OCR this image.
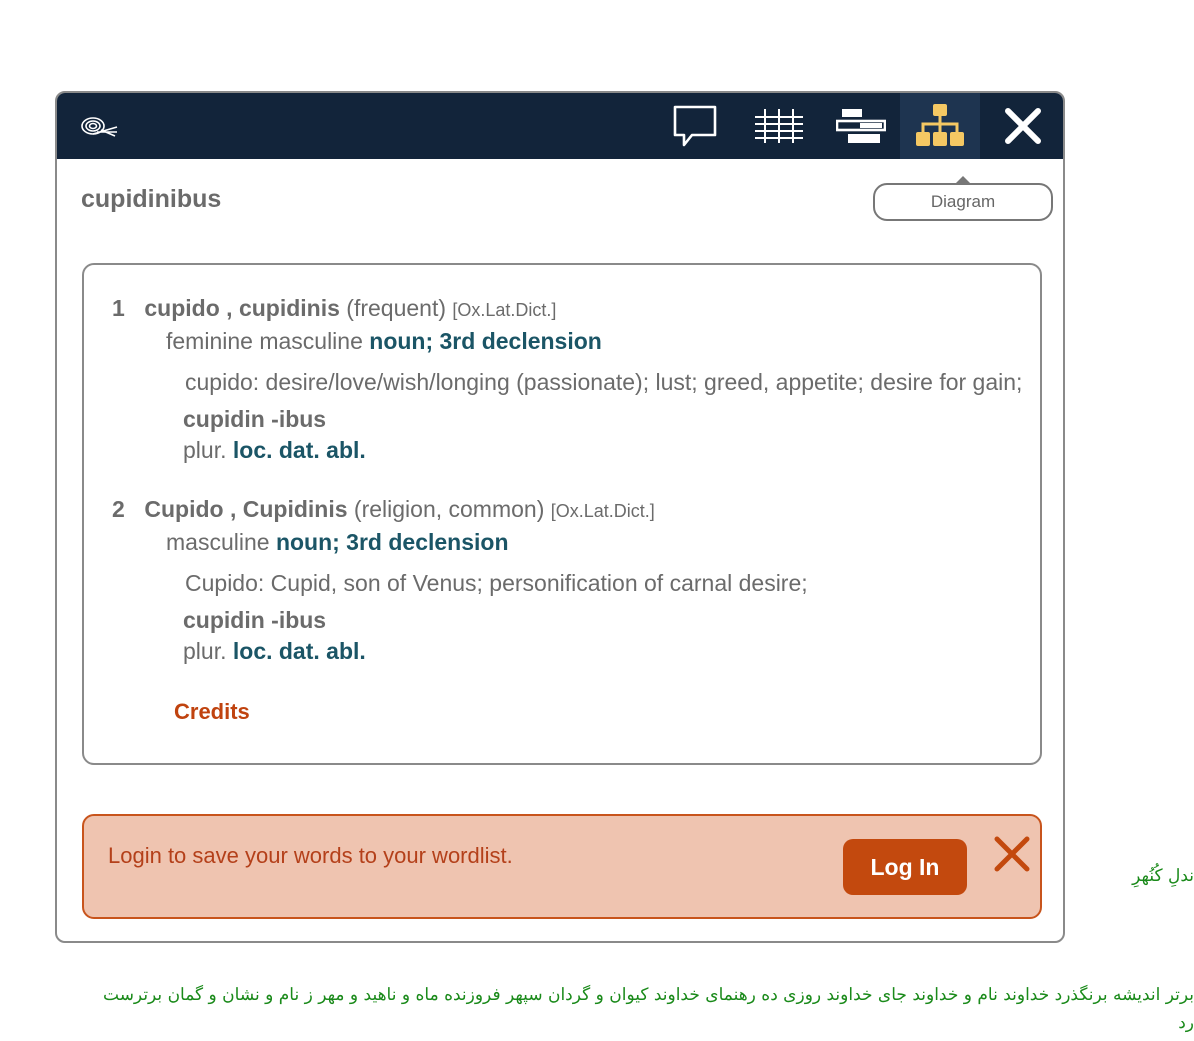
ندلِ کُنُهرِ
برتر اندیشه برنگذرد خداوند نام و خداوند جای خداوند روزی ده رهنمای خداوند کیوان و گردان سپهر فروزنده ماه و ناهید و مهر ز نام و نشان و گمان برترست
رد
Diagram
cupidinibus
1 cupido , cupidinis (frequent) [Ox.Lat.Dict.]
feminine masculine noun; 3rd declension
cupido: desire/love/wish/longing (passionate); lust; greed, appetite; desire for gain;
cupidin -ibus
plur. loc. dat. abl.
2 Cupido , Cupidinis (religion, common) [Ox.Lat.Dict.]
masculine noun; 3rd declension
Cupido: Cupid, son of Venus; personification of carnal desire;
cupidin -ibus
plur. loc. dat. abl.
Credits
Login to save your words to your wordlist.	Log In
